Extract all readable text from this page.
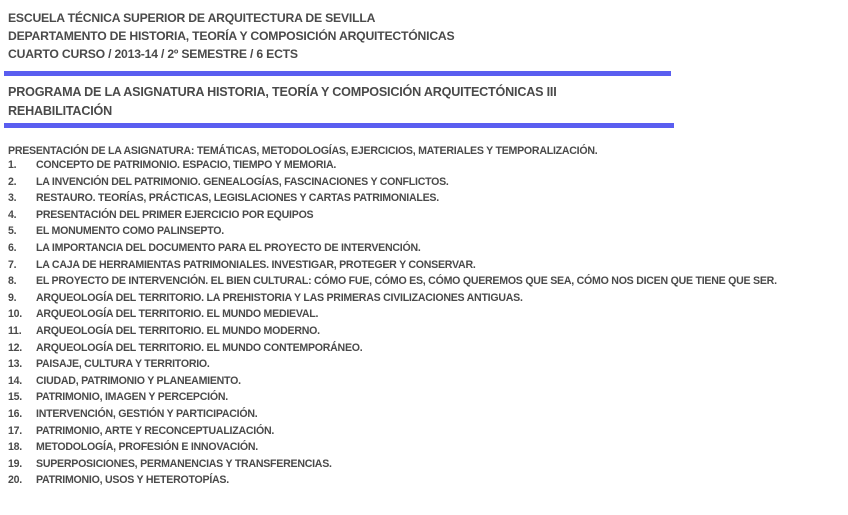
ESCUELA TÉCNICA SUPERIOR DE ARQUITECTURA DE SEVILLA
DEPARTAMENTO DE HISTORIA, TEORÍA Y COMPOSICIÓN ARQUITECTÓNICAS
CUARTO CURSO / 2013-14 / 2º SEMESTRE / 6 ECTS
PROGRAMA DE LA ASIGNATURA HISTORIA, TEORÍA Y COMPOSICIÓN ARQUITECTÓNICAS III
REHABILITACIÓN
PRESENTACIÓN DE LA ASIGNATURA: TEMÁTICAS, METODOLOGÍAS, EJERCICIOS, MATERIALES Y TEMPORALIZACIÓN.
1.	CONCEPTO DE PATRIMONIO. ESPACIO, TIEMPO Y MEMORIA.
2.	LA INVENCIÓN DEL PATRIMONIO. GENEALOGÍAS, FASCINACIONES Y CONFLICTOS.
3.	RESTAURO. TEORÍAS, PRÁCTICAS, LEGISLACIONES Y CARTAS PATRIMONIALES.
4.	PRESENTACIÓN DEL PRIMER EJERCICIO POR EQUIPOS
5.	EL MONUMENTO COMO PALINSEPTO.
6.	LA IMPORTANCIA DEL DOCUMENTO PARA EL PROYECTO DE INTERVENCIÓN.
7.	LA CAJA DE HERRAMIENTAS PATRIMONIALES. INVESTIGAR, PROTEGER Y CONSERVAR.
8.	EL PROYECTO DE INTERVENCIÓN. EL BIEN CULTURAL: CÓMO FUE, CÓMO ES, CÓMO QUEREMOS QUE SEA, CÓMO NOS DICEN QUE TIENE QUE SER.
9.	ARQUEOLOGÍA DEL TERRITORIO. LA PREHISTORIA Y LAS PRIMERAS CIVILIZACIONES ANTIGUAS.
10.	ARQUEOLOGÍA DEL TERRITORIO. EL MUNDO MEDIEVAL.
11.	ARQUEOLOGÍA DEL TERRITORIO. EL MUNDO MODERNO.
12.	ARQUEOLOGÍA DEL TERRITORIO. EL MUNDO CONTEMPORÁNEO.
13.	PAISAJE, CULTURA Y TERRITORIO.
14.	CIUDAD, PATRIMONIO Y PLANEAMIENTO.
15.	PATRIMONIO, IMAGEN Y PERCEPCIÓN.
16.	INTERVENCIÓN, GESTIÓN Y PARTICIPACIÓN.
17.	PATRIMONIO, ARTE Y RECONCEPTUALIZACIÓN.
18.	METODOLOGÍA, PROFESIÓN E INNOVACIÓN.
19.	SUPERPOSICIONES, PERMANENCIAS Y TRANSFERENCIAS.
20.	PATRIMONIO, USOS Y HETEROTOPÍAS.
